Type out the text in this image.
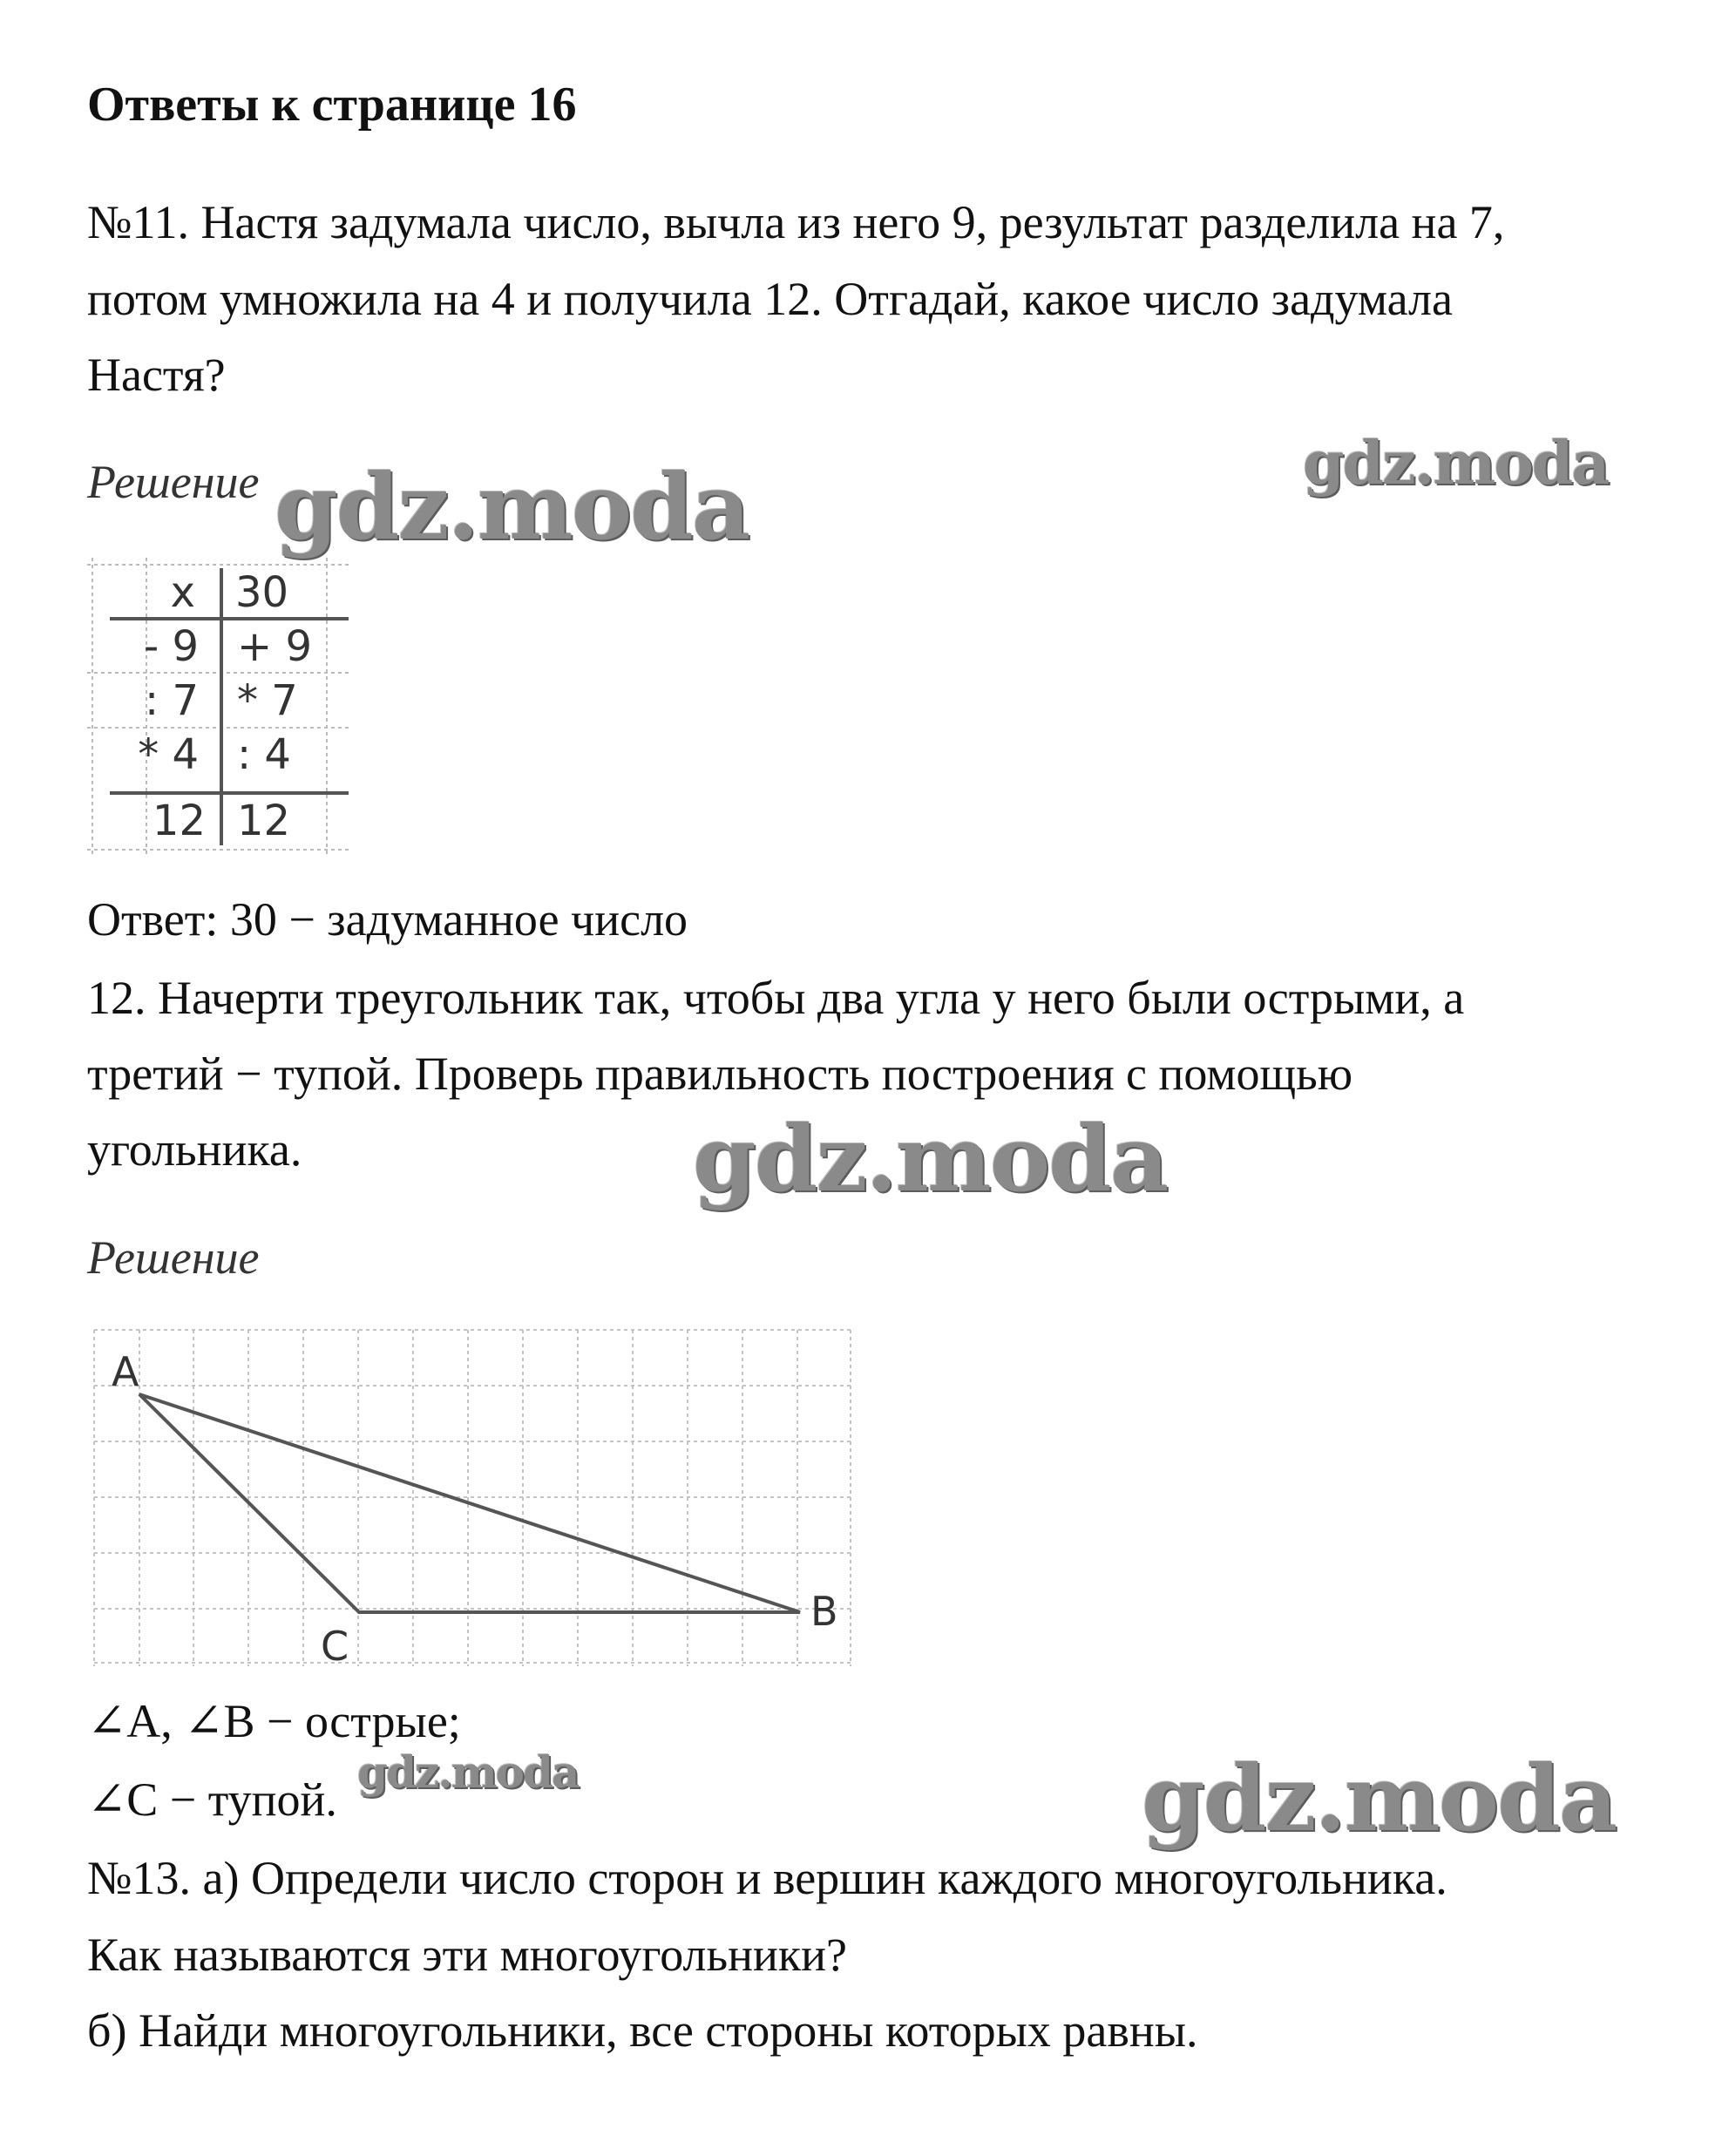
Ответы к странице 16
№11. Настя задумала число, вычла из него 9, результат разделила на 7,
потом умножила на 4 и получила 12. Отгадай, какое число задумала
Настя?
Решение
x 30
- 9 + 9
: 7 * 7
* 4 : 4
12 12
Ответ: 30 − задуманное число
12. Начерти треугольник так, чтобы два угла у него были острыми, а
третий − тупой. Проверь правильность построения с помощью
угольника.
Решение
A
B
C
∠A, ∠B − острые;
∠C − тупой.
№13. а) Определи число сторон и вершин каждого многоугольника.
Как называются эти многоугольники?
б) Найди многоугольники, все стороны которых равны.
gdz.moda	gdz.moda
gdz.moda
gdz.moda	gdz.moda
